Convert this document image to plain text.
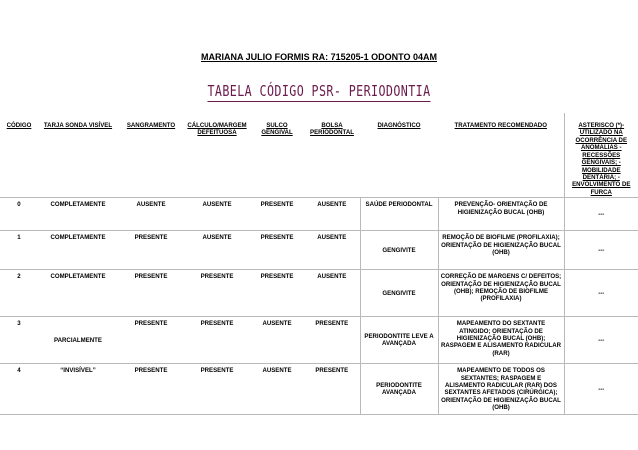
MARIANA JULIO FORMIS RA: 715205-1 ODONTO 04AM
TABELA CÓDIGO PSR- PERIODONTIA
CÓDIGO	TARJA SONDA VISÍVEL	SANGRAMENTO	CÁLCULO/MARGEM DEFEITUOSA	SULCO GENGIVAL	BOLSA PERIODONTAL	DIAGNÓSTICO	TRATAMENTO RECOMENDADO	ASTERISCO (*)- UTILIZADO NA OCORRÊNCIA DE ANOMALIAS -RECESSÕES GENGIVAIS; -MOBILIDADE DENTÁRIA; -ENVOLVIMENTO DE FURCA
0	COMPLETAMENTE	AUSENTE	AUSENTE	PRESENTE	AUSENTE	SAÚDE PERIODONTAL	PREVENÇÃO- ORIENTAÇÃO DE HIGIENIZAÇÃO BUCAL (OHB)	---
1	COMPLETAMENTE	PRESENTE	AUSENTE	PRESENTE	AUSENTE	GENGIVITE	REMOÇÃO DE BIOFILME (PROFILAXIA); ORIENTAÇÃO DE HIGIENIZAÇÃO BUCAL (OHB)	---
2	COMPLETAMENTE	PRESENTE	PRESENTE	PRESENTE	AUSENTE	GENGIVITE	CORREÇÃO DE MARGENS C/ DEFEITOS; ORIENTAÇÃO DE HIGIENIZAÇÃO BUCAL (OHB); REMOÇÃO DE BIOFILME (PROFILAXIA)	---
3	PARCIALMENTE	PRESENTE	PRESENTE	AUSENTE	PRESENTE	PERIODONTITE LEVE A AVANÇADA	MAPEAMENTO DO SEXTANTE ATINGIDO; ORIENTAÇÃO DE HIGIENIZAÇÃO BUCAL (OHB); RASPAGEM E ALISAMENTO RADICULAR (RAR)	---
4	“INVISÍVEL”	PRESENTE	PRESENTE	AUSENTE	PRESENTE	PERIODONTITE AVANÇADA	MAPEAMENTO DE TODOS OS SEXTANTES; RASPAGEM E ALISAMENTO RADICULAR (RAR) DOS SEXTANTES AFETADOS (CIRÚRGICA); ORIENTAÇÃO DE HIGIENIZAÇÃO BUCAL (OHB)	---
